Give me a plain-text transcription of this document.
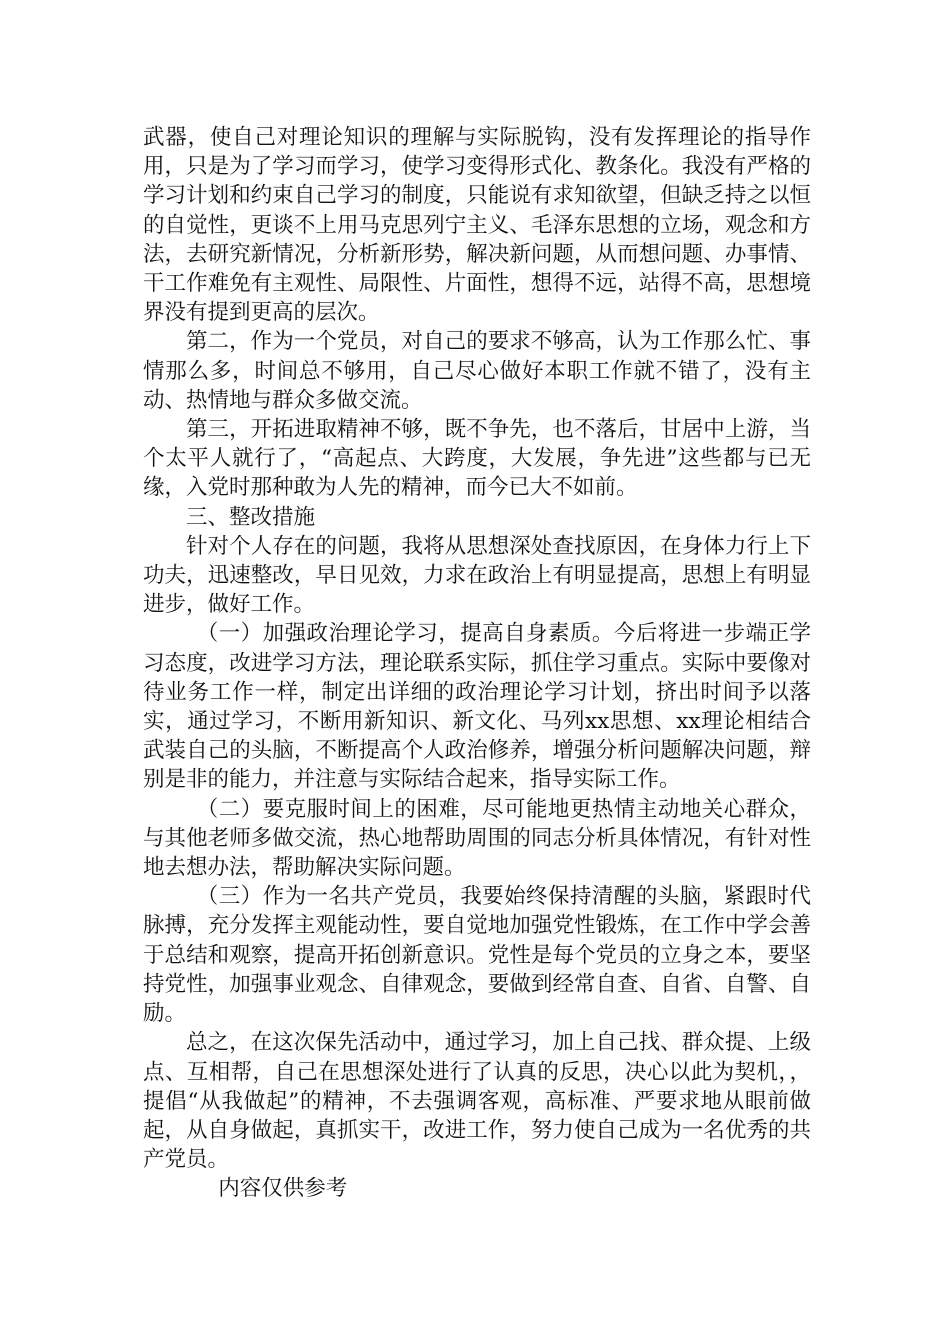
武器，使自己对理论知识的理解与实际脱钩，没有发挥理论的指导作用，只是为了学习而学习，使学习变得形式化、教条化。我没有严格的学习计划和约束自己学习的制度，只能说有求知欲望，但缺乏持之以恒的自觉性，更谈不上用马克思列宁主义、毛泽东思想的立场，观念和方法，去研究新情况，分析新形势，解决新问题，从而想问题、办事情、干工作难免有主观性、局限性、片面性，想得不远，站得不高，思想境界没有提到更高的层次。

第二，作为一个党员，对自己的要求不够高，认为工作那么忙、事情那么多，时间总不够用，自己尽心做好本职工作就不错了，没有主动、热情地与群众多做交流。

第三，开拓进取精神不够，既不争先，也不落后，甘居中上游，当个太平人就行了，“高起点、大跨度，大发展，争先进”这些都与已无缘，入党时那种敢为人先的精神，而今已大不如前。

三、整改措施

针对个人存在的问题，我将从思想深处查找原因，在身体力行上下功夫，迅速整改，早日见效，力求在政治上有明显提高，思想上有明显进步，做好工作。

（一）加强政治理论学习，提高自身素质。今后将进一步端正学习态度，改进学习方法，理论联系实际，抓住学习重点。实际中要像对待业务工作一样，制定出详细的政治理论学习计划，挤出时间予以落实，通过学习，不断用新知识、新文化、马列xx思想、xx理论相结合武装自己的头脑，不断提高个人政治修养，增强分析问题解决问题，辩别是非的能力，并注意与实际结合起来，指导实际工作。

（二）要克服时间上的困难，尽可能地更热情主动地关心群众，与其他老师多做交流，热心地帮助周围的同志分析具体情况，有针对性地去想办法，帮助解决实际问题。

（三）作为一名共产党员，我要始终保持清醒的头脑，紧跟时代脉搏，充分发挥主观能动性，要自觉地加强党性锻炼，在工作中学会善于总结和观察，提高开拓创新意识。党性是每个党员的立身之本，要坚持党性，加强事业观念、自律观念，要做到经常自查、自省、自警、自励。

总之，在这次保先活动中，通过学习，加上自己找、群众提、上级点、互相帮，自己在思想深处进行了认真的反思，决心以此为契机，，提倡“从我做起”的精神，不去强调客观，高标准、严要求地从眼前做起，从自身做起，真抓实干，改进工作，努力使自己成为一名优秀的共产党员。

内容仅供参考
